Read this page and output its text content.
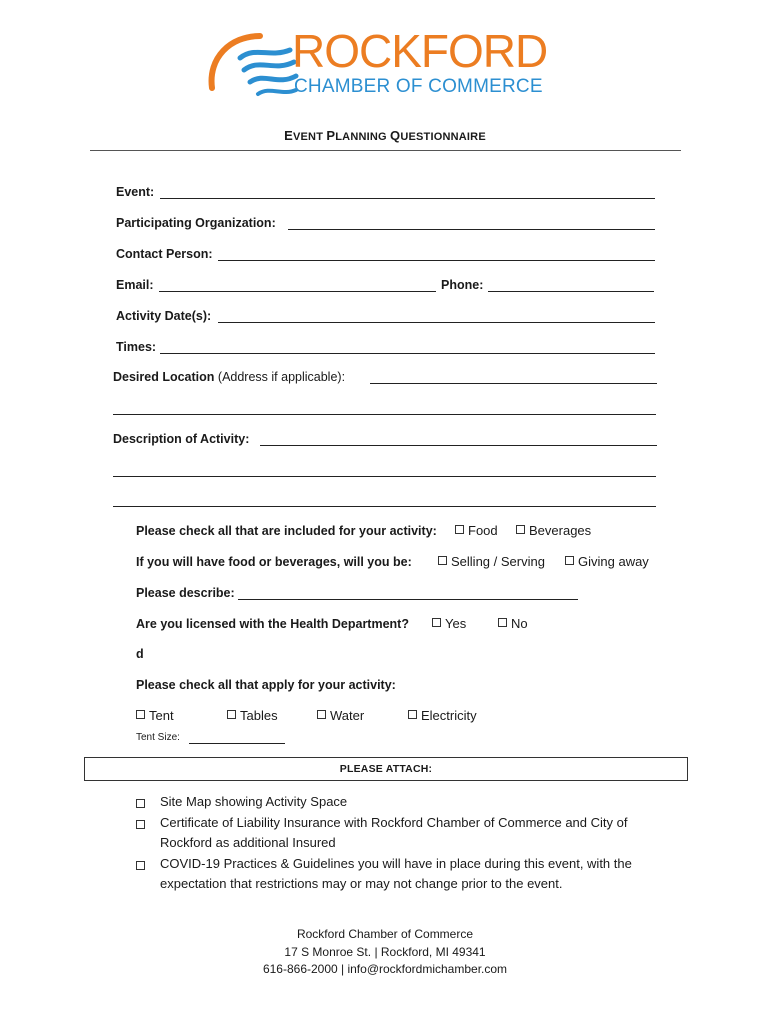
ROCKFORD
CHAMBER OF COMMERCE
EVENT PLANNING QUESTIONNAIRE
Event:
Participating Organization:
Contact Person:
Email:	Phone:
Activity Date(s):
Times:
Desired Location (Address if applicable):
Description of Activity:
Please check all that are included for your activity:	Food	Beverages
If you will have food or beverages, will you be:	Selling / Serving	Giving away
Please describe:
Are you licensed with the Health Department?	Yes	No
d
Please check all that apply for your activity:
Tent	Tables	Water	Electricity
Tent Size:
PLEASE ATTACH:
Site Map showing Activity Space
Certificate of Liability Insurance with Rockford Chamber of Commerce and City of Rockford as additional Insured
COVID-19 Practices & Guidelines you will have in place during this event, with the expectation that restrictions may or may not change prior to the event.
Rockford Chamber of Commerce
17 S Monroe St. | Rockford, MI 49341
616-866-2000 | info@rockfordmichamber.com
